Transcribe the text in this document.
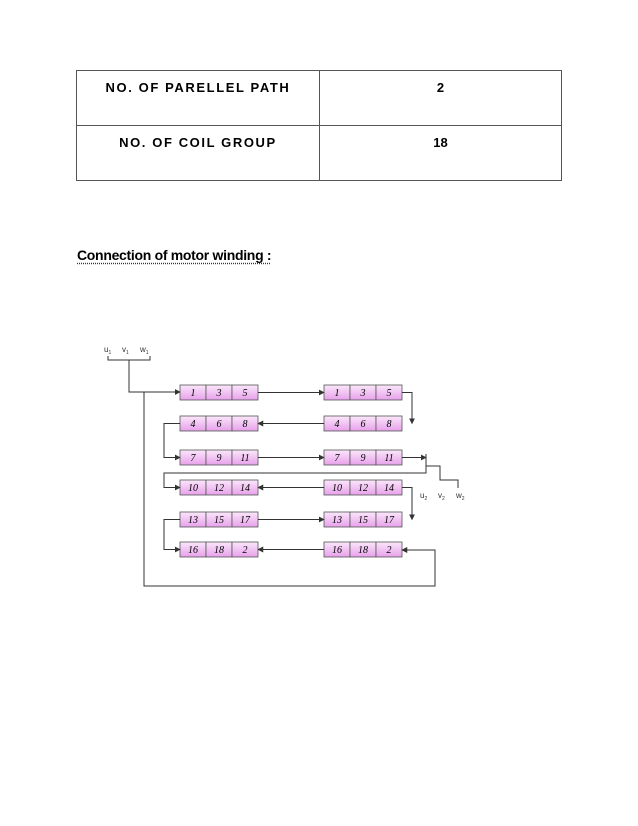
NO. OF PARELLEL PATH	2
NO. OF COIL GROUP	18

Connection of motor winding :

$u_1$ $v_1$ $w_1$
$u_2$ $v_2$ $w_2$
1 3 5
4 6 8
7 9 11
10 12 14
13 15 17
16 18 2
1 3 5
4 6 8
7 9 11
10 12 14
13 15 17
16 18 2
